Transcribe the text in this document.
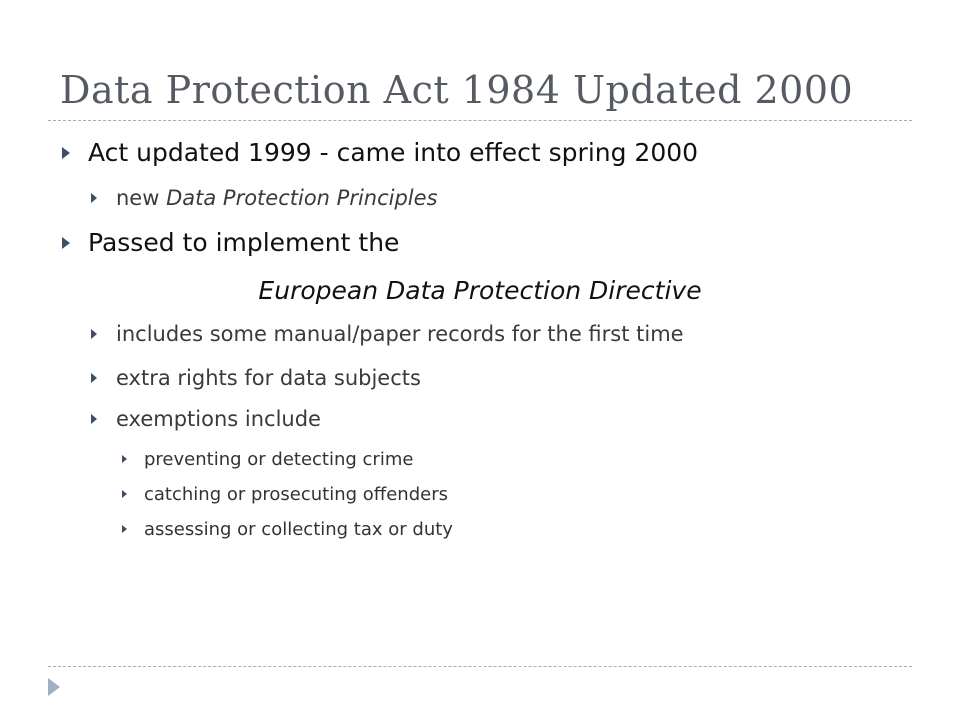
Data Protection Act 1984 Updated 2000
Act updated 1999 - came into effect spring 2000
new Data Protection Principles
Passed to implement the
European Data Protection Directive
includes some manual/paper records for the first time
extra rights for data subjects
exemptions include
preventing or detecting crime
catching or prosecuting offenders
assessing or collecting tax or duty
